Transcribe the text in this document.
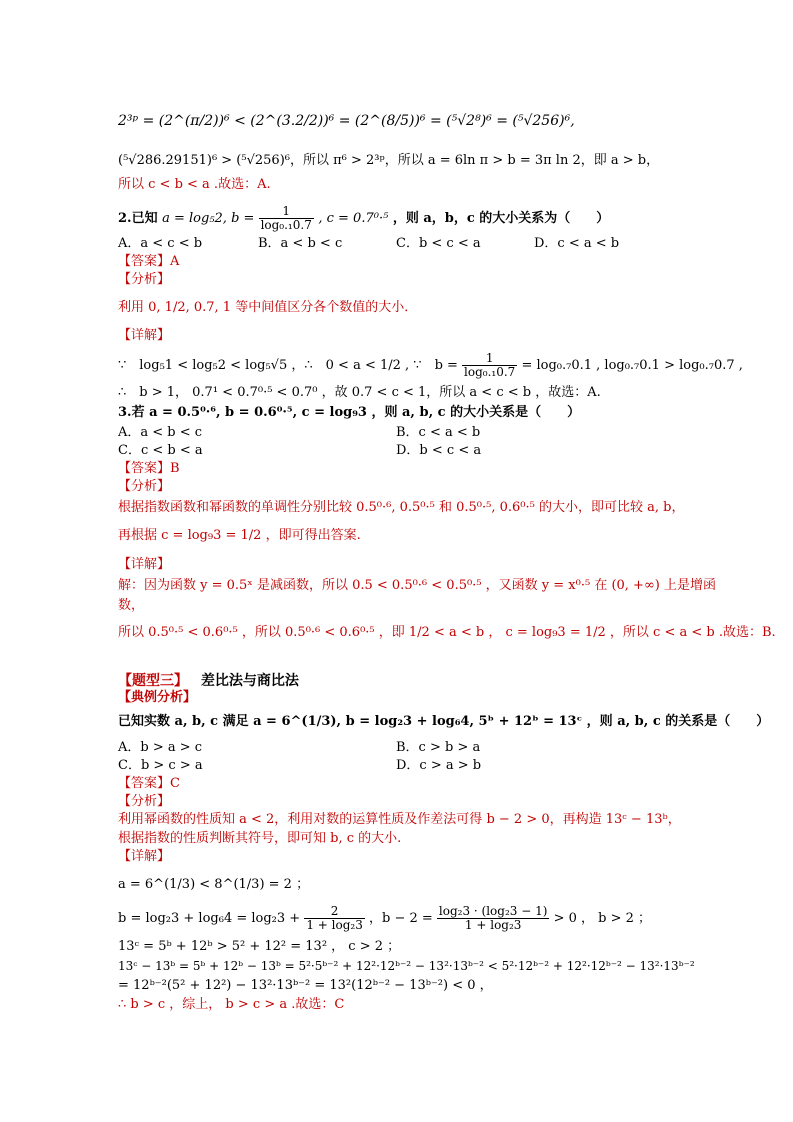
2³ᵖ = (2^(π/2))⁶ < (2^(3.2/2))⁶ = (2^(8/5))⁶ = (⁵√2⁸)⁶ = (⁵√256)⁶,
(⁵√286.29151)⁶ > (⁵√256)⁶，所以 π⁶ > 2³ᵖ，所以 a = 6ln π > b = 3π ln 2，即 a > b，
所以 c < b < a .故选：A.
2.已知 a = log₅2, $b = \frac{1}{\text{log₀.₁0.7}}$ , c = 0.7⁰·⁵ ，则 a，b，c 的大小关系为（　　）
A．a < c < b	B．a < b < c	C．b < c < a	D．c < a < b
【答案】A
【分析】
利用 0, 1/2, 0.7, 1 等中间值区分各个数值的大小．
【详解】
∵　log₅1 < log₅2 < log₅√5 ，∴　0 < a < 1/2 , ∵　$b = \frac{1}{\text{log₀.₁0.7}} = \log_0._70.1$ , log₀.₇0.1 > log₀.₇0.7 ,
∴　b > 1， 0.7¹ < 0.7⁰·⁵ < 0.7⁰ ，故 0.7 < c < 1，所以 a < c < b ，故选：A.
3.若 a = 0.5⁰·⁶, b = 0.6⁰·⁵, c = log₉3 ，则 a, b, c 的大小关系是（　　）
A．a < b < c	B．c < a < b
C．c < b < a	D．b < c < a
【答案】B
【分析】
根据指数函数和幂函数的单调性分别比较 0.5⁰·⁶, 0.5⁰·⁵ 和 0.5⁰·⁵, 0.6⁰·⁵ 的大小，即可比较 a, b，
再根据 c = log₉3 = 1/2 ，即可得出答案.
【详解】
解：因为函数 y = 0.5ˣ 是减函数，所以 0.5 < 0.5⁰·⁶ < 0.5⁰·⁵ ，又函数 y = x⁰·⁵ 在 (0, +∞) 上是增函
数，
所以 0.5⁰·⁵ < 0.6⁰·⁵ ，所以 0.5⁰·⁶ < 0.6⁰·⁵ ，即 1/2 < a < b ， c = log₉3 = 1/2 ，所以 c < a < b .故选：B.
【题型三】 差比法与商比法
【典例分析】
已知实数 a, b, c 满足 a = 6^(1/3), b = log₂3 + log₆4, 5ᵇ + 12ᵇ = 13ᶜ ，则 a, b, c 的关系是（　　）
A．b > a > c	B．c > b > a
C．b > c > a	D．c > a > b
【答案】C
【分析】
利用幂函数的性质知 a < 2，利用对数的运算性质及作差法可得 b − 2 > 0，再构造 13ᶜ − 13ᵇ，
根据指数的性质判断其符号，即可知 b, c 的大小.
【详解】
a = 6^(1/3) < 8^(1/3) = 2 ；
$b = \log_23 + \log_64 = \log_23 + \frac{2}{\text{1 + log₂3}}$ ，$b - 2 = \frac{\text{log₂3 · (log₂3 − 1)}}{\text{1 + log₂3}} > 0$ ， b > 2 ；
13ᶜ = 5ᵇ + 12ᵇ > 5² + 12² = 13² ， c > 2 ；
13ᶜ − 13ᵇ = 5ᵇ + 12ᵇ − 13ᵇ = 5²·5ᵇ⁻² + 12²·12ᵇ⁻² − 13²·13ᵇ⁻² < 5²·12ᵇ⁻² + 12²·12ᵇ⁻² − 13²·13ᵇ⁻²
= 12ᵇ⁻²(5² + 12²) − 13²·13ᵇ⁻² = 13²(12ᵇ⁻² − 13ᵇ⁻²) < 0 ，
∴ b > c ，综上， b > c > a .故选：C
